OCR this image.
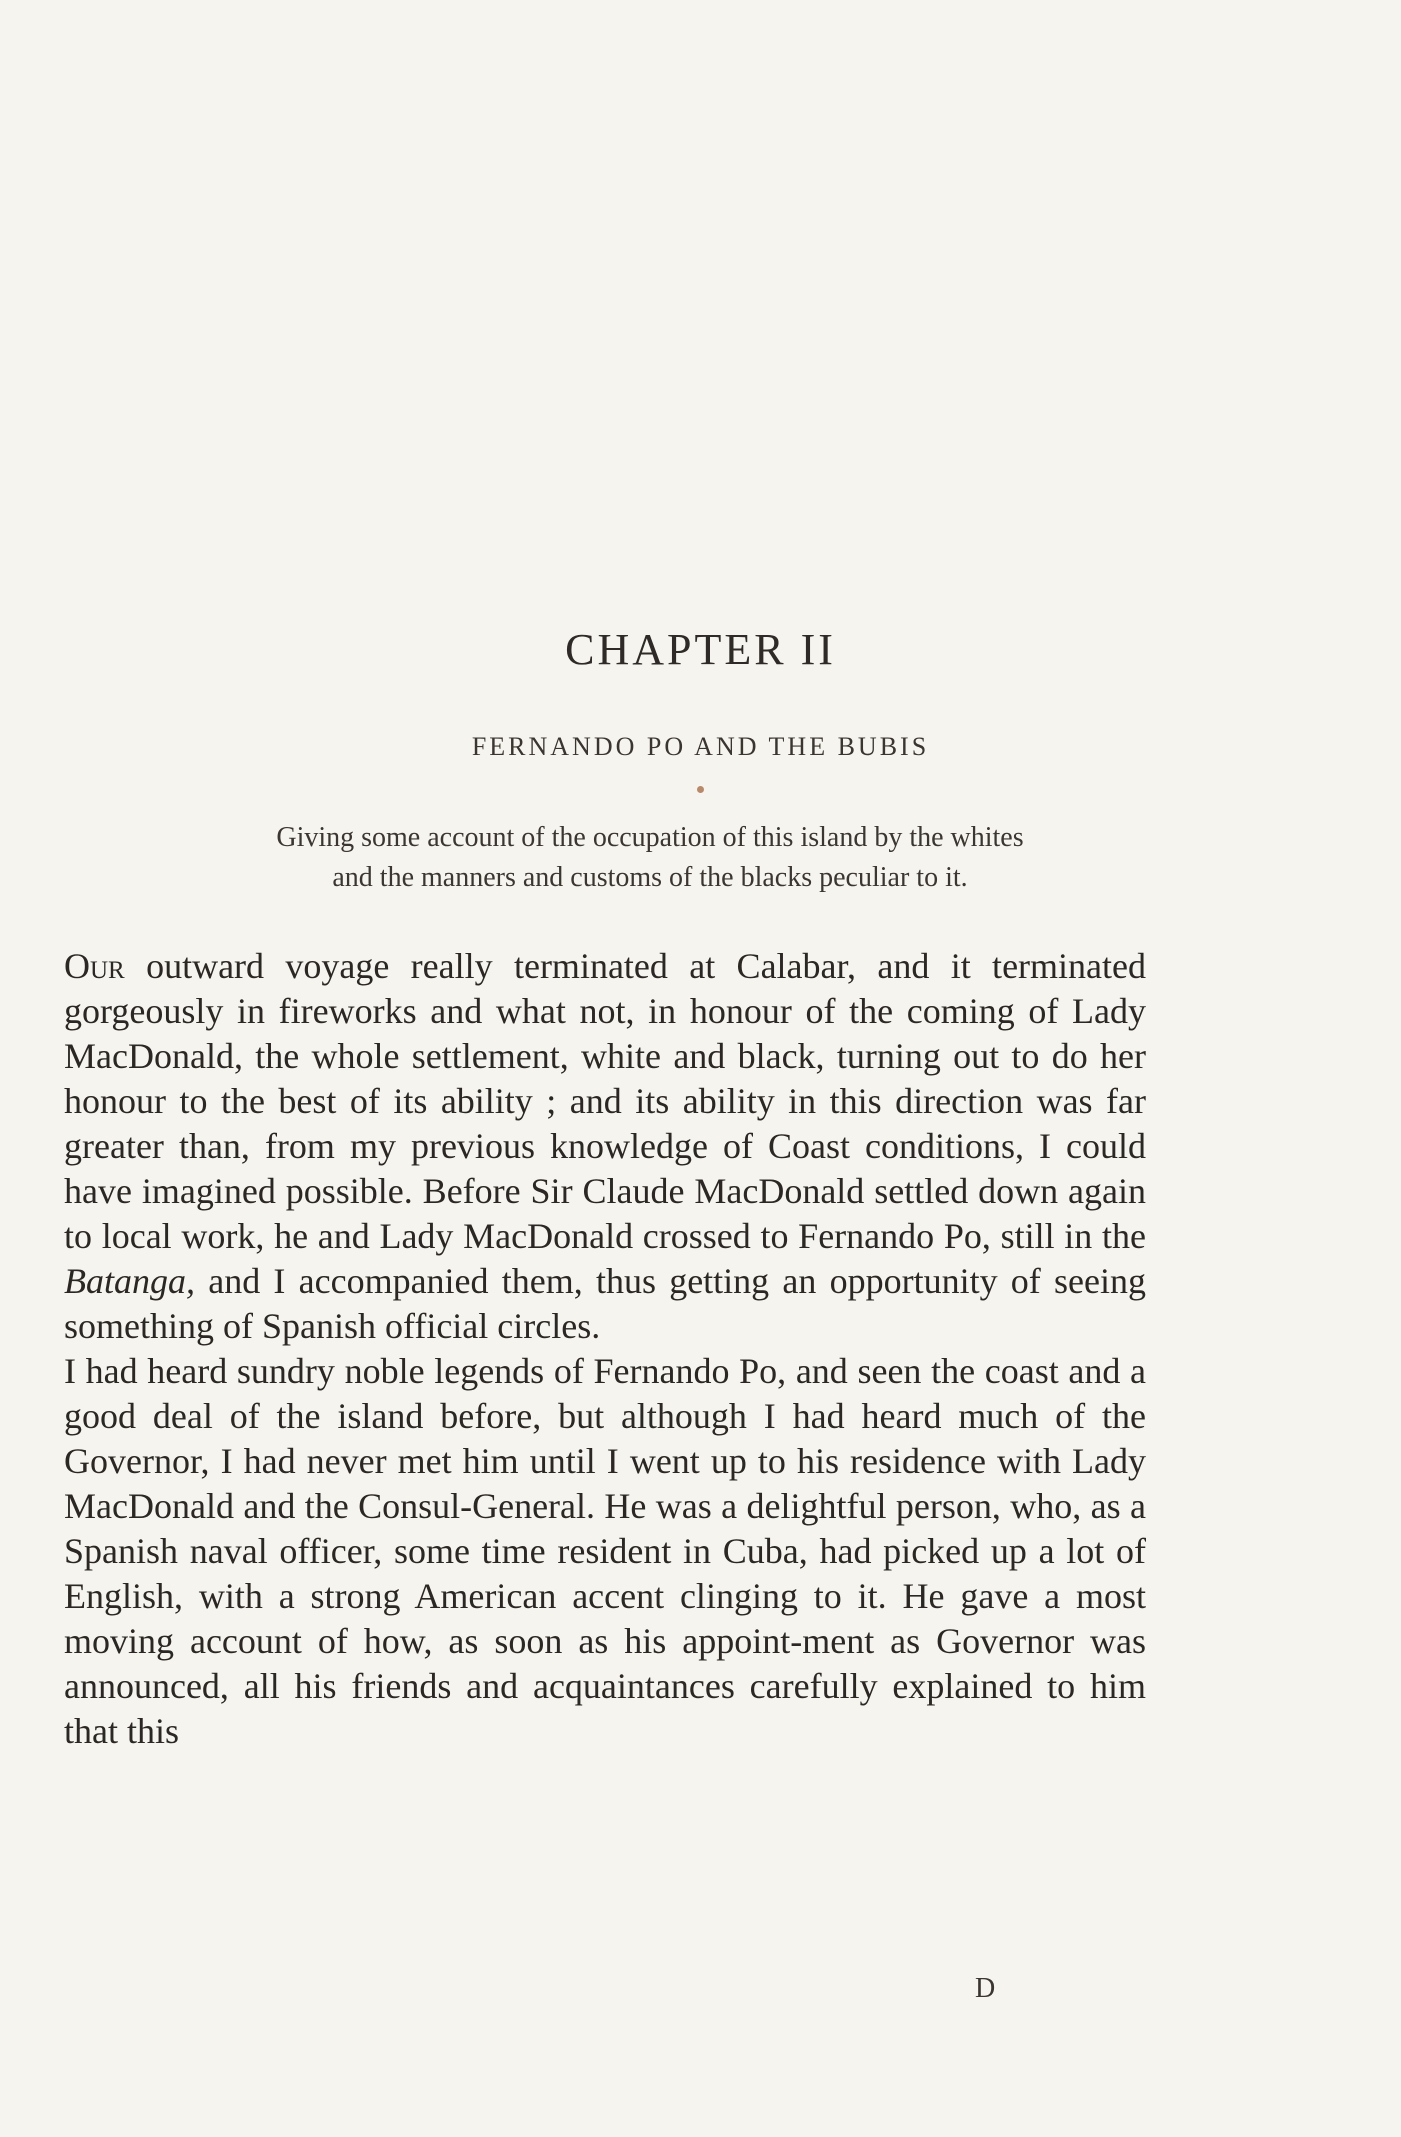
CHAPTER II
FERNANDO PO AND THE BUBIS
Giving some account of the occupation of this island by the whites
and the manners and customs of the blacks peculiar to it.

Our outward voyage really terminated at Calabar, and it terminated gorgeously in fireworks and what not, in honour of the coming of Lady MacDonald, the whole settlement, white and black, turning out to do her honour to the best of its ability ; and its ability in this direction was far greater than, from my previous knowledge of Coast conditions, I could have imagined possible. Before Sir Claude MacDonald settled down again to local work, he and Lady MacDonald crossed to Fernando Po, still in the Batanga, and I accompanied them, thus getting an opportunity of seeing something of Spanish official circles.

I had heard sundry noble legends of Fernando Po, and seen the coast and a good deal of the island before, but although I had heard much of the Governor, I had never met him until I went up to his residence with Lady MacDonald and the Consul-General. He was a delightful person, who, as a Spanish naval officer, some time resident in Cuba, had picked up a lot of English, with a strong American accent clinging to it. He gave a most moving account of how, as soon as his appoint-ment as Governor was announced, all his friends and acquaintances carefully explained to him that this

D
